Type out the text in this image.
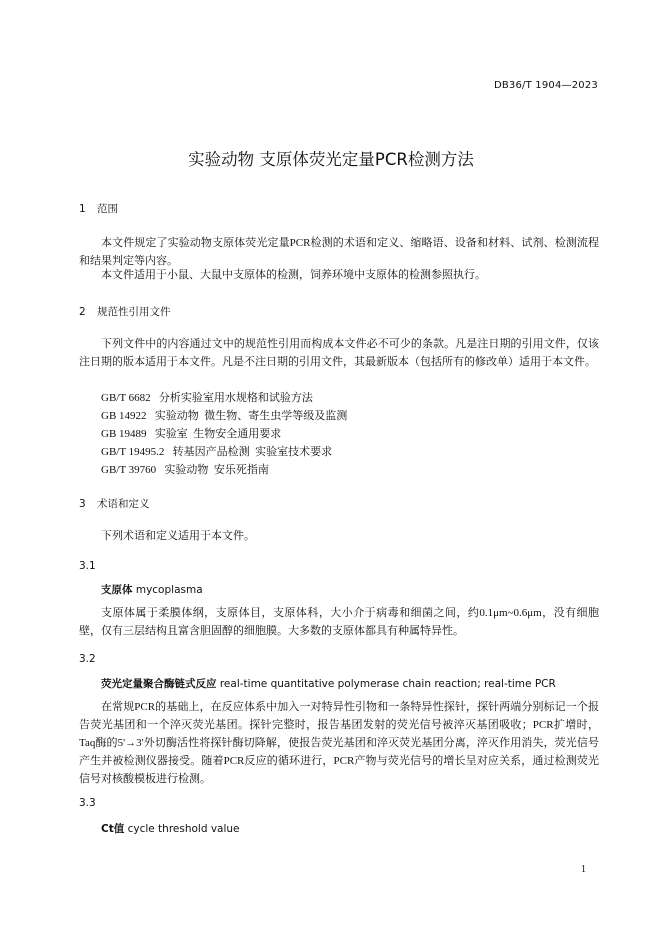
DB36/T 1904—2023
实验动物 支原体荧光定量PCR检测方法
1 范围

本文件规定了实验动物支原体荧光定量PCR检测的术语和定义、缩略语、设备和材料、试剂、检测流程和结果判定等内容。

本文件适用于小鼠、大鼠中支原体的检测，饲养环境中支原体的检测参照执行。

2 规范性引用文件

下列文件中的内容通过文中的规范性引用而构成本文件必不可少的条款。凡是注日期的引用文件，仅该注日期的版本适用于本文件。凡是不注日期的引用文件，其最新版本（包括所有的修改单）适用于本文件。

GB/T 6682   分析实验室用水规格和试验方法
GB 14922   实验动物  微生物、寄生虫学等级及监测
GB 19489   实验室  生物安全通用要求
GB/T 19495.2   转基因产品检测  实验室技术要求
GB/T 39760   实验动物  安乐死指南
3 术语和定义

下列术语和定义适用于本文件。

3.1
支原体 mycoplasma

支原体属于柔膜体纲，支原体目，支原体科，大小介于病毒和细菌之间，约0.1μm~0.6μm，没有细胞壁，仅有三层结构且富含胆固醇的细胞膜。大多数的支原体都具有种属特异性。

3.2
荧光定量聚合酶链式反应 real-time quantitative polymerase chain reaction; real-time PCR

在常规PCR的基础上，在反应体系中加入一对特异性引物和一条特异性探针，探针两端分别标记一个报告荧光基团和一个淬灭荧光基团。探针完整时，报告基团发射的荧光信号被淬灭基团吸收；PCR扩增时，Taq酶的5'→3'外切酶活性将探针酶切降解，使报告荧光基团和淬灭荧光基团分离，淬灭作用消失，荧光信号产生并被检测仪器接受。随着PCR反应的循环进行，PCR产物与荧光信号的增长呈对应关系，通过检测荧光信号对核酸模板进行检测。

3.3
Ct值 cycle threshold value
1
